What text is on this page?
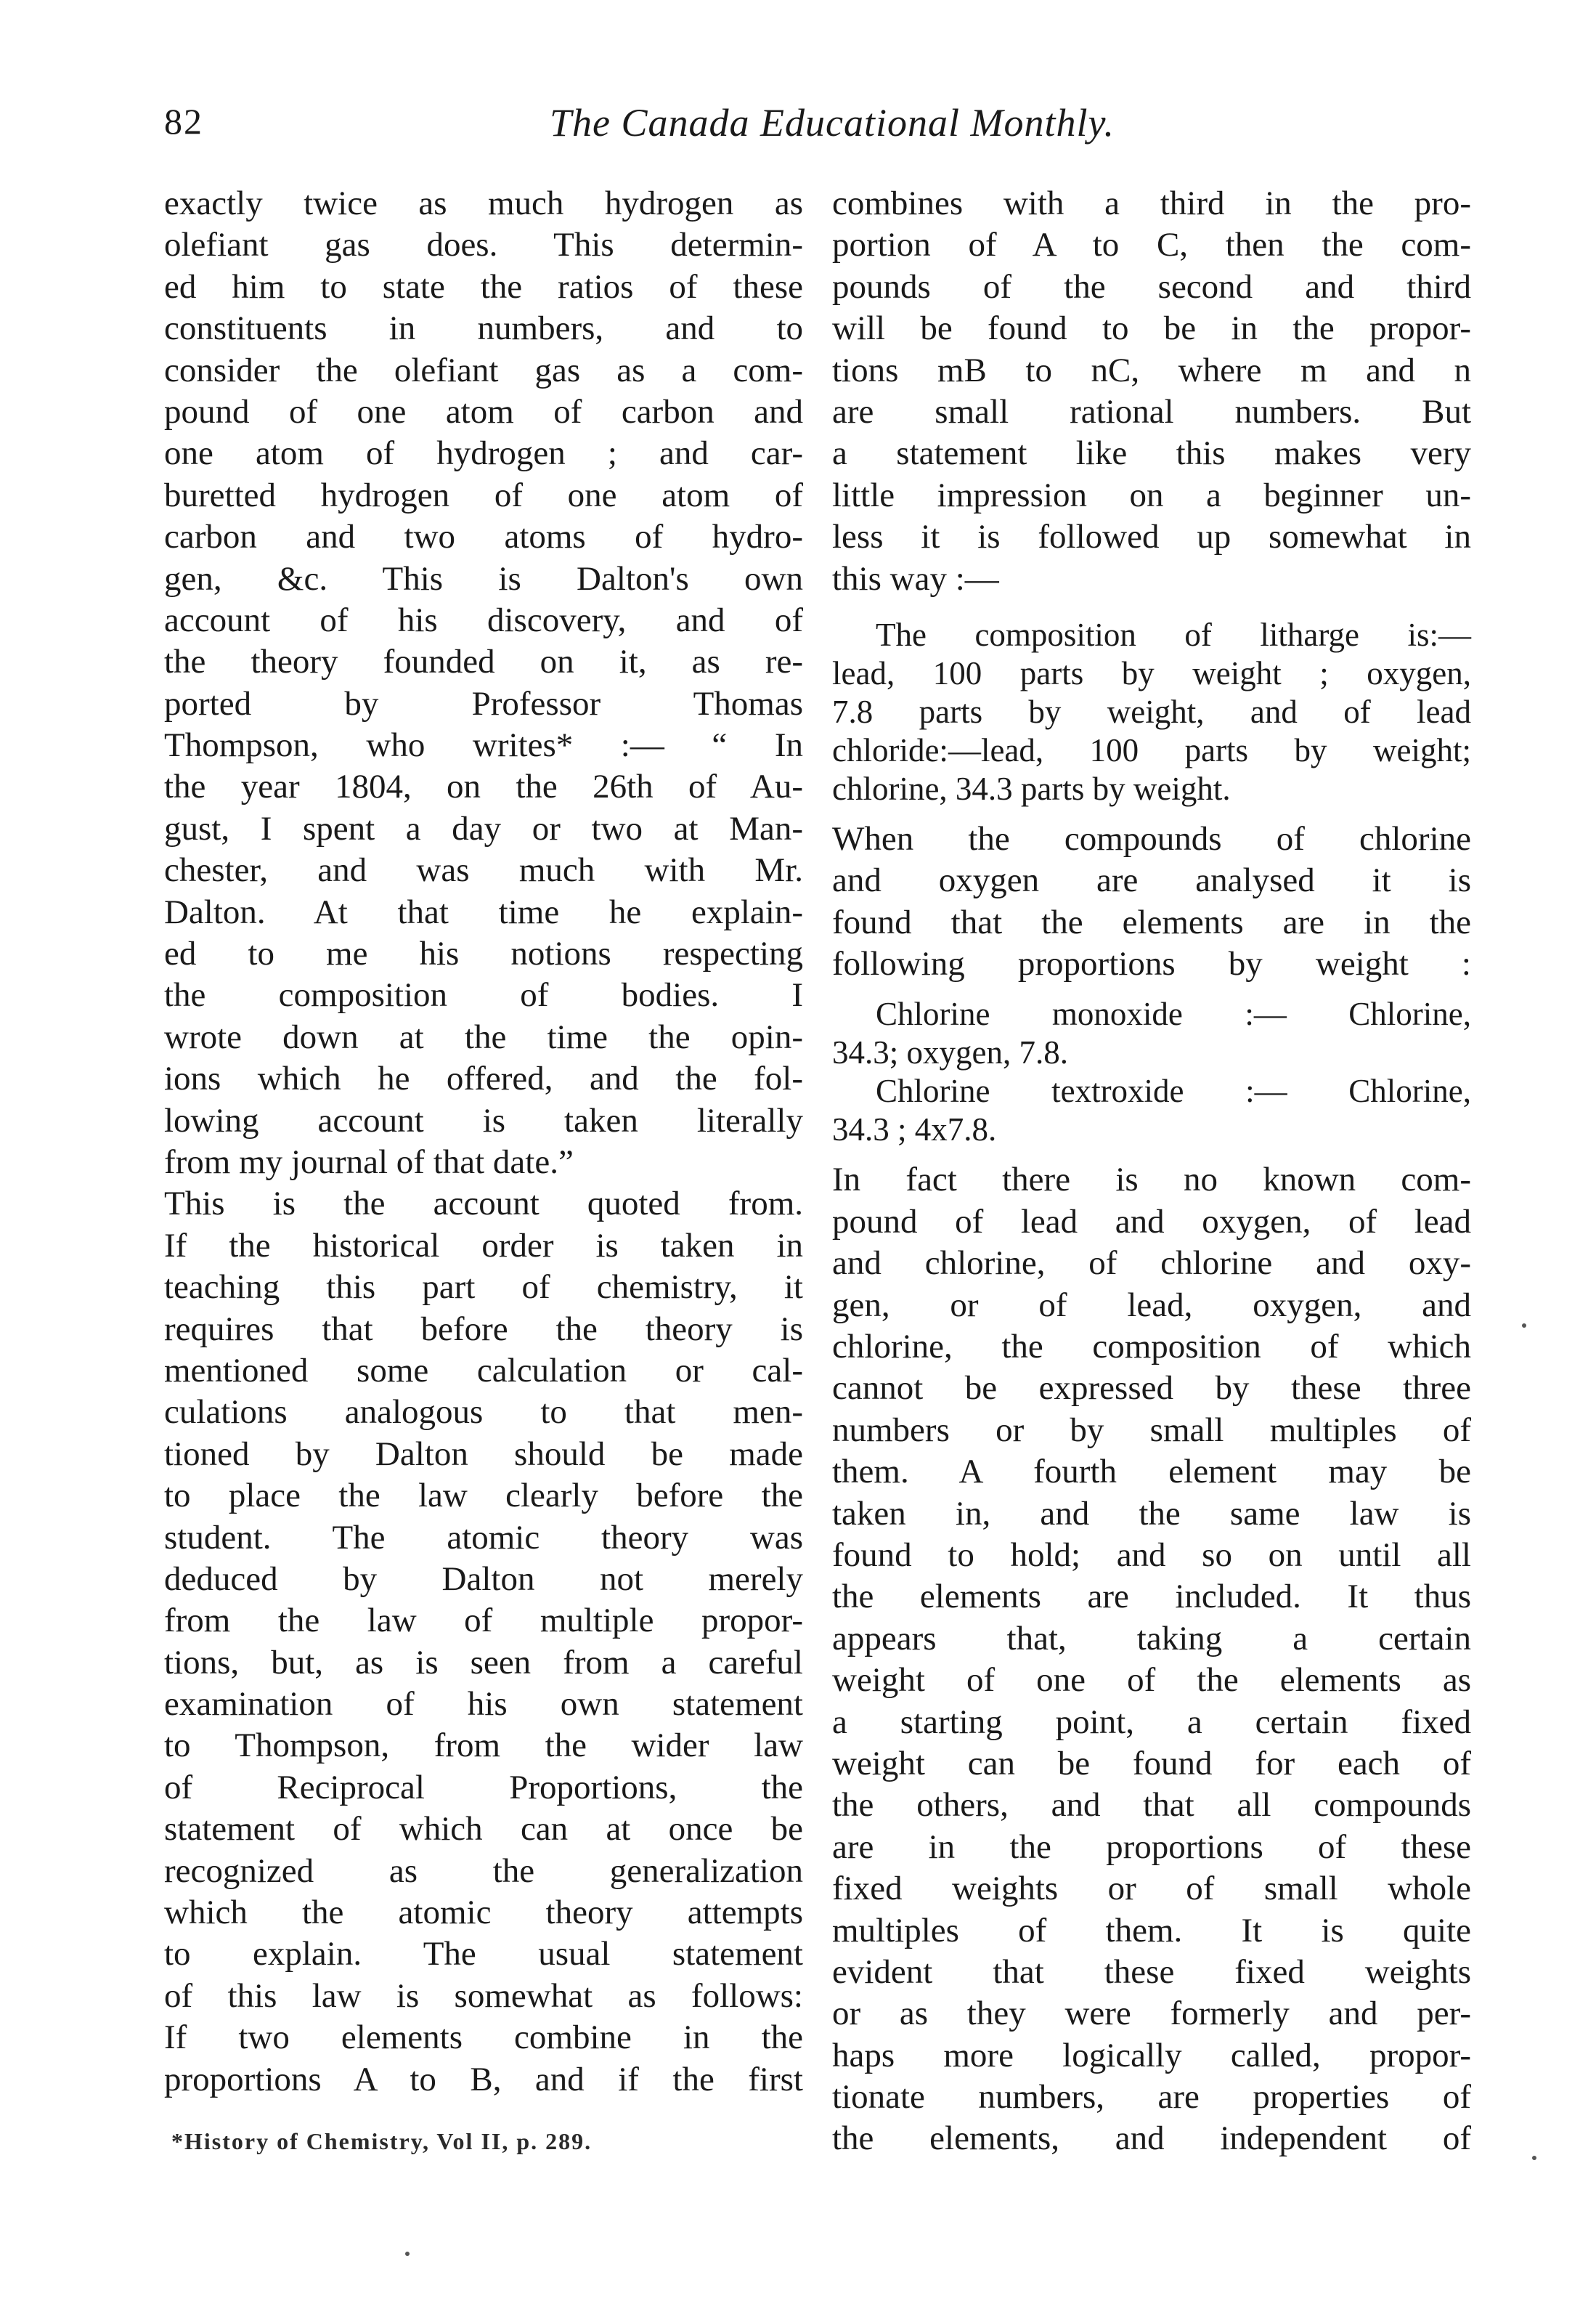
82	The Canada Educational Monthly.
exactly twice as much hydrogen as
olefiant gas does. This determin-
ed him to state the ratios of these
constituents in numbers, and to
consider the olefiant gas as a com-
pound of one atom of carbon and
one atom of hydrogen ; and car-
buretted hydrogen of one atom of
carbon and two atoms of hydro-
gen, &c. This is Dalton's own
account of his discovery, and of
the theory founded on it, as re-
ported by Professor Thomas
Thompson, who writes* :— “ In
the year 1804, on the 26th of Au-
gust, I spent a day or two at Man-
chester, and was much with Mr.
Dalton. At that time he explain-
ed to me his notions respecting
the composition of bodies. I
wrote down at the time the opin-
ions which he offered, and the fol-
lowing account is taken literally
from my journal of that date.”
This is the account quoted from.
If the historical order is taken in
teaching this part of chemistry, it
requires that before the theory is
mentioned some calculation or cal-
culations analogous to that men-
tioned by Dalton should be made
to place the law clearly before the
student. The atomic theory was
deduced by Dalton not merely
from the law of multiple propor-
tions, but, as is seen from a careful
examination of his own statement
to Thompson, from the wider law
of Reciprocal Proportions, the
statement of which can at once be
recognized as the generalization
which the atomic theory attempts
to explain. The usual statement
of this law is somewhat as follows:
If two elements combine in the
proportions A to B, and if the first
*History of Chemistry, Vol II, p. 289.
combines with a third in the pro-
portion of A to C, then the com-
pounds of the second and third
will be found to be in the propor-
tions mB to nC, where m and n
are small rational numbers. But
a statement like this makes very
little impression on a beginner un-
less it is followed up somewhat in
this way :—
The composition of litharge is:—
lead, 100 parts by weight ; oxygen,
7.8 parts by weight, and of lead
chloride:—lead, 100 parts by weight;
chlorine, 34.3 parts by weight.
When the compounds of chlorine
and oxygen are analysed it is
found that the elements are in the
following proportions by weight :
Chlorine monoxide :— Chlorine,
34.3; oxygen, 7.8.
Chlorine textroxide :— Chlorine,
34.3 ; 4x7.8.
In fact there is no known com-
pound of lead and oxygen, of lead
and chlorine, of chlorine and oxy-
gen, or of lead, oxygen, and
chlorine, the composition of which
cannot be expressed by these three
numbers or by small multiples of
them. A fourth element may be
taken in, and the same law is
found to hold; and so on until all
the elements are included. It thus
appears that, taking a certain
weight of one of the elements as
a starting point, a certain fixed
weight can be found for each of
the others, and that all compounds
are in the proportions of these
fixed weights or of small whole
multiples of them. It is quite
evident that these fixed weights
or as they were formerly and per-
haps more logically called, propor-
tionate numbers, are properties of
the elements, and independent of
